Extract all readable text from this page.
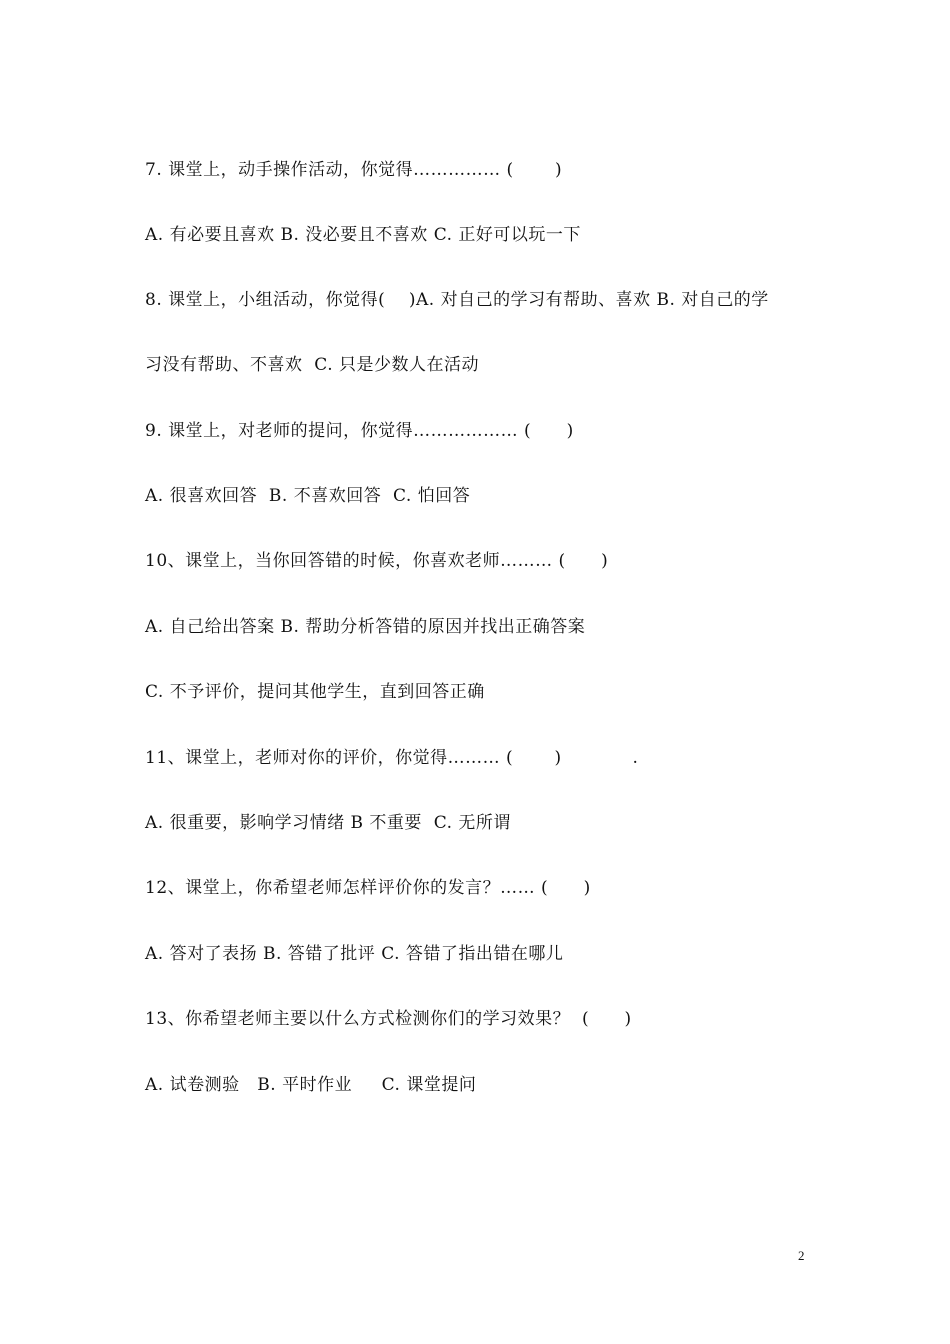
7. 课堂上，动手操作活动，你觉得…………… (       )
A. 有必要且喜欢 B. 没必要且不喜欢 C. 正好可以玩一下
8. 课堂上，小组活动，你觉得(    )A. 对自己的学习有帮助、喜欢 B. 对自己的学
习没有帮助、不喜欢  C. 只是少数人在活动
9. 课堂上，对老师的提问，你觉得……………… (      )
A. 很喜欢回答  B. 不喜欢回答  C. 怕回答
10、课堂上，当你回答错的时候，你喜欢老师……… (      )
A. 自己给出答案 B. 帮助分析答错的原因并找出正确答案
C. 不予评价，提问其他学生，直到回答正确
11、课堂上，老师对你的评价，你觉得……… (       )            .
A. 很重要，影响学习情绪 B 不重要  C. 无所谓
12、课堂上，你希望老师怎样评价你的发言？…… (      )
A. 答对了表扬 B. 答错了批评 C. 答错了指出错在哪儿
13、你希望老师主要以什么方式检测你们的学习效果？  (      )
A. 试卷测验   B. 平时作业     C. 课堂提问
2
